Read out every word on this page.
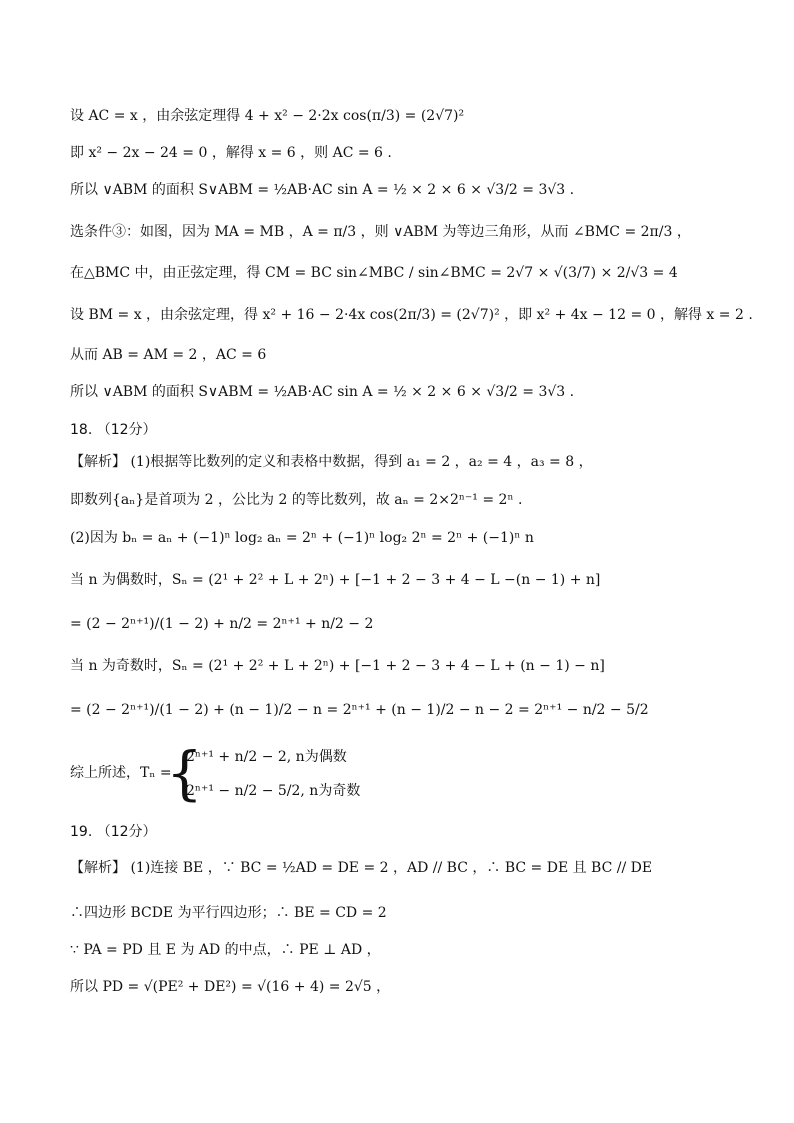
设 AC = x ，由余弦定理得 4 + x² − 2·2x cos(π/3) = (2√7)²
即 x² − 2x − 24 = 0 ，解得 x = 6 ，则 AC = 6 .
所以 ∨ABM 的面积 S∨ABM = ½AB·AC sin A = ½ × 2 × 6 × √3/2 = 3√3 .
选条件③：如图，因为 MA = MB ，A = π/3 ，则 ∨ABM 为等边三角形，从而 ∠BMC = 2π/3 ，
在△BMC 中，由正弦定理，得 CM = BC sin∠MBC / sin∠BMC = 2√7 × √(3/7) × 2/√3 = 4
设 BM = x ，由余弦定理，得 x² + 16 − 2·4x cos(2π/3) = (2√7)² ，即 x² + 4x − 12 = 0 ，解得 x = 2 .
从而 AB = AM = 2 ，AC = 6
所以 ∨ABM 的面积 S∨ABM = ½AB·AC sin A = ½ × 2 × 6 × √3/2 = 3√3 .
18. （12分）
【解析】 (1)根据等比数列的定义和表格中数据，得到 a₁ = 2 ，a₂ = 4 ，a₃ = 8 ，
即数列{aₙ}是首项为 2 ，公比为 2 的等比数列，故 aₙ = 2×2ⁿ⁻¹ = 2ⁿ .
(2)因为 bₙ = aₙ + (−1)ⁿ log₂ aₙ = 2ⁿ + (−1)ⁿ log₂ 2ⁿ = 2ⁿ + (−1)ⁿ n
当 n 为偶数时，Sₙ = (2¹ + 2² + L + 2ⁿ) + [−1 + 2 − 3 + 4 − L −(n − 1) + n]
= (2 − 2ⁿ⁺¹)/(1 − 2) + n/2 = 2ⁿ⁺¹ + n/2 − 2
当 n 为奇数时，Sₙ = (2¹ + 2² + L + 2ⁿ) + [−1 + 2 − 3 + 4 − L + (n − 1) − n]
= (2 − 2ⁿ⁺¹)/(1 − 2) + (n − 1)/2 − n = 2ⁿ⁺¹ + (n − 1)/2 − n − 2 = 2ⁿ⁺¹ − n/2 − 5/2
综上所述，Tₙ =
{
2ⁿ⁺¹ + n/2 − 2, n为偶数
2ⁿ⁺¹ − n/2 − 5/2, n为奇数
19. （12分）
【解析】 (1)连接 BE ，∵ BC = ½AD = DE = 2 ，AD // BC ，∴ BC = DE 且 BC // DE
∴四边形 BCDE 为平行四边形；∴ BE = CD = 2
∵ PA = PD 且 E 为 AD 的中点，∴ PE ⊥ AD ，
所以 PD = √(PE² + DE²) = √(16 + 4) = 2√5 ，
